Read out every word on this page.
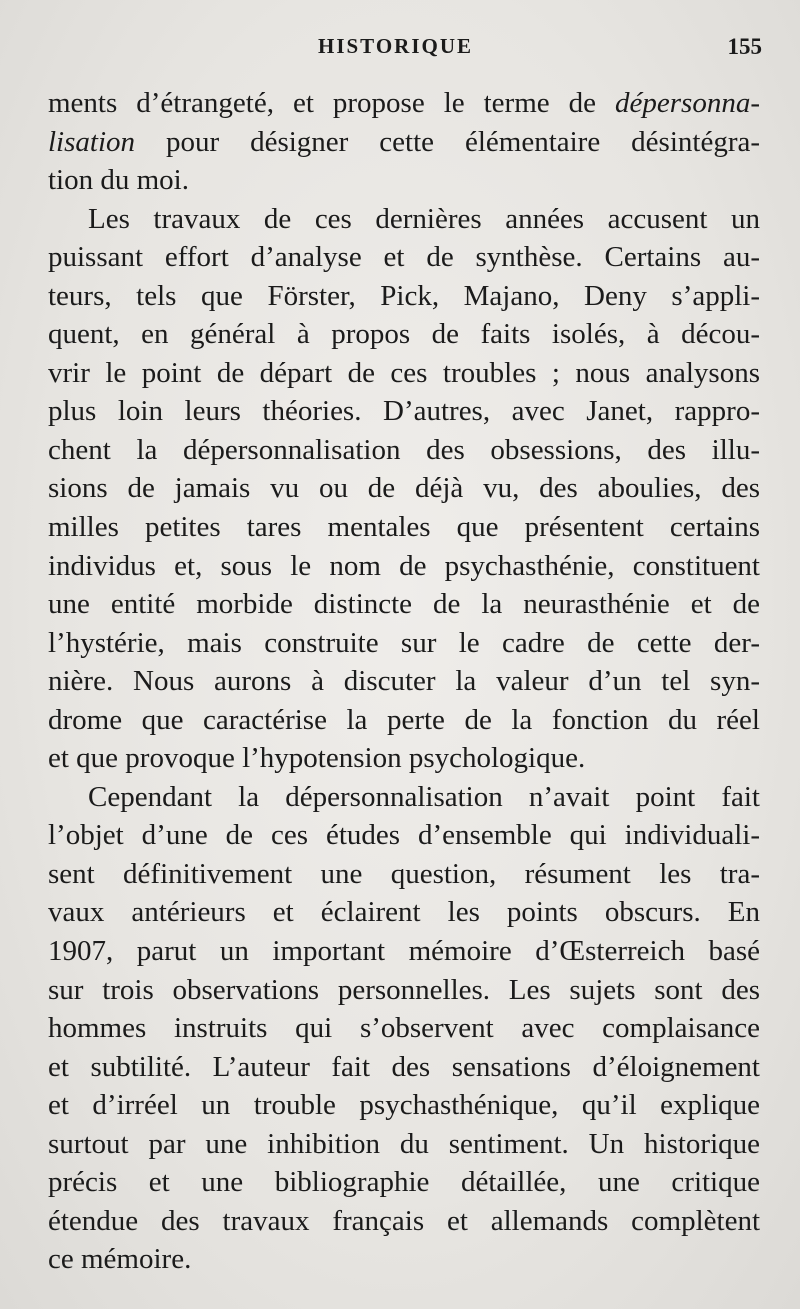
HISTORIQUE	155
ments d’étrangeté, et propose le terme de dépersonna-
lisation pour désigner cette élémentaire désintégra-
tion du moi.
Les travaux de ces dernières années accusent un
puissant effort d’analyse et de synthèse. Certains au-
teurs, tels que Förster, Pick, Majano, Deny s’appli-
quent, en général à propos de faits isolés, à décou-
vrir le point de départ de ces troubles ; nous analysons
plus loin leurs théories. D’autres, avec Janet, rappro-
chent la dépersonnalisation des obsessions, des illu-
sions de jamais vu ou de déjà vu, des aboulies, des
milles petites tares mentales que présentent certains
individus et, sous le nom de psychasthénie, constituent
une entité morbide distincte de la neurasthénie et de
l’hystérie, mais construite sur le cadre de cette der-
nière. Nous aurons à discuter la valeur d’un tel syn-
drome que caractérise la perte de la fonction du réel
et que provoque l’hypotension psychologique.
Cependant la dépersonnalisation n’avait point fait
l’objet d’une de ces études d’ensemble qui individuali-
sent définitivement une question, résument les tra-
vaux antérieurs et éclairent les points obscurs. En
1907, parut un important mémoire d’Œsterreich basé
sur trois observations personnelles. Les sujets sont des
hommes instruits qui s’observent avec complaisance
et subtilité. L’auteur fait des sensations d’éloignement
et d’irréel un trouble psychasthénique, qu’il explique
surtout par une inhibition du sentiment. Un historique
précis et une bibliographie détaillée, une critique
étendue des travaux français et allemands complètent
ce mémoire.
